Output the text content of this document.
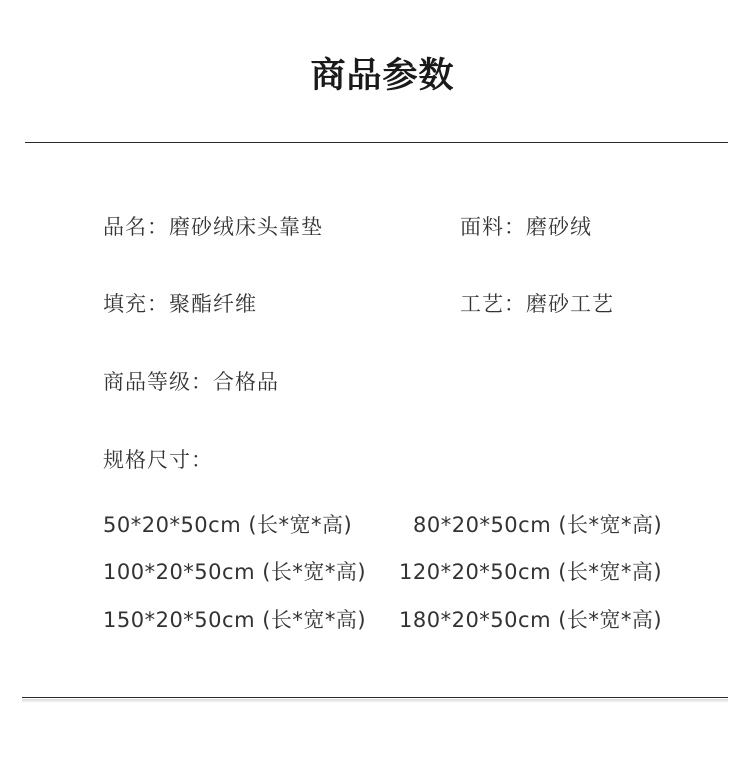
商品参数
品名：磨砂绒床头靠垫	面料：磨砂绒
填充：聚酯纤维	工艺：磨砂工艺
商品等级：合格品
规格尺寸：
50*20*50cm (长*宽*高)	80*20*50cm (长*宽*高)
100*20*50cm (长*宽*高) 120*20*50cm (长*宽*高)
150*20*50cm (长*宽*高) 180*20*50cm (长*宽*高)
